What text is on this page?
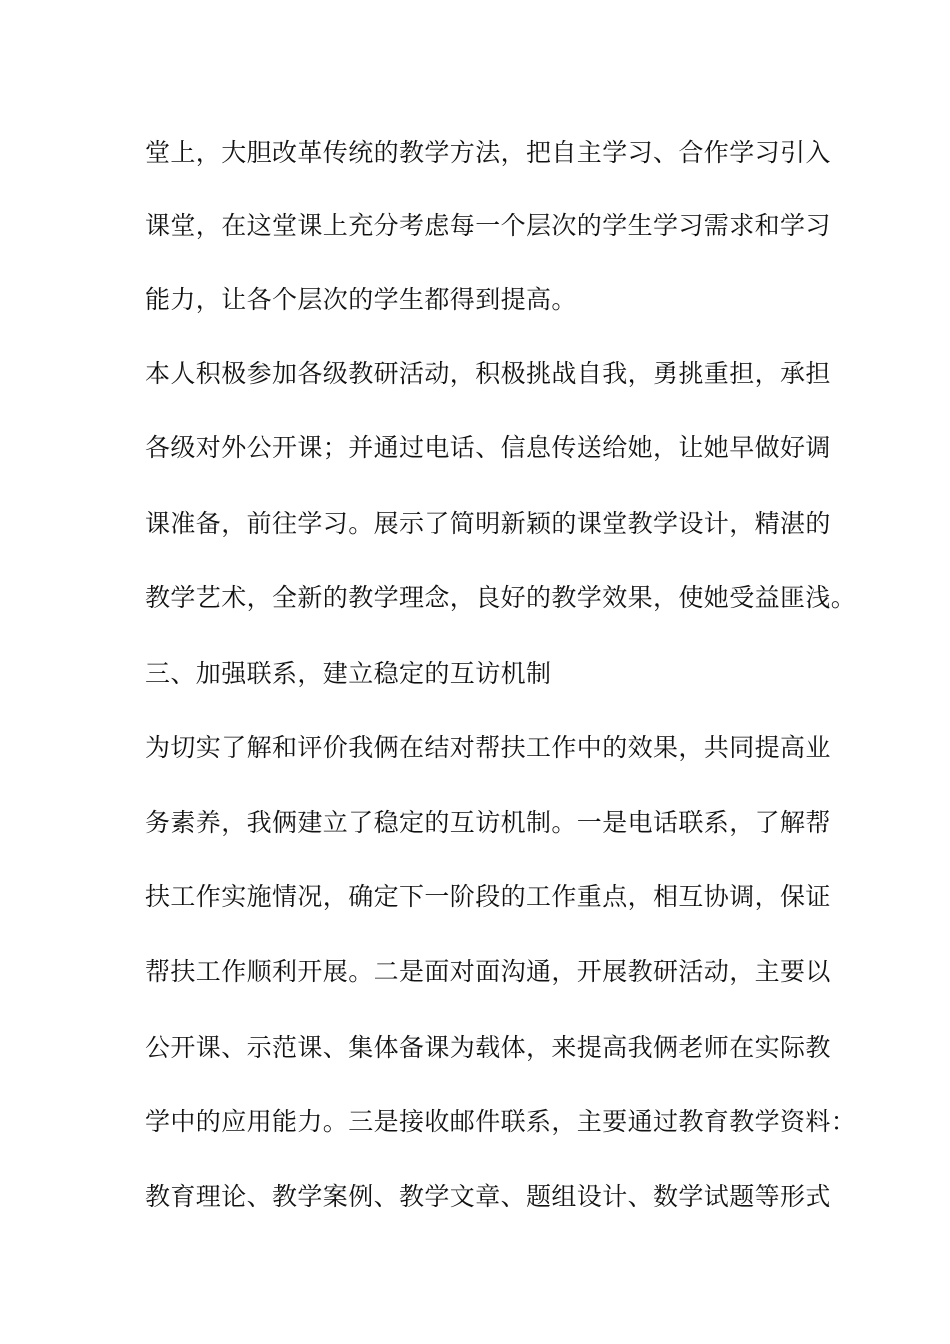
堂上，大胆改革传统的教学方法，把自主学习、合作学习引入
课堂，在这堂课上充分考虑每一个层次的学生学习需求和学习
能力，让各个层次的学生都得到提高。
本人积极参加各级教研活动，积极挑战自我，勇挑重担，承担
各级对外公开课；并通过电话、信息传送给她，让她早做好调
课准备，前往学习。展示了简明新颖的课堂教学设计，精湛的
教学艺术，全新的教学理念，良好的教学效果，使她受益匪浅。
三、加强联系，建立稳定的互访机制
为切实了解和评价我俩在结对帮扶工作中的效果，共同提高业
务素养，我俩建立了稳定的互访机制。一是电话联系，了解帮
扶工作实施情况，确定下一阶段的工作重点，相互协调，保证
帮扶工作顺利开展。二是面对面沟通，开展教研活动，主要以
公开课、示范课、集体备课为载体，来提高我俩老师在实际教
学中的应用能力。三是接收邮件联系，主要通过教育教学资料：
教育理论、教学案例、教学文章、题组设计、数学试题等形式
